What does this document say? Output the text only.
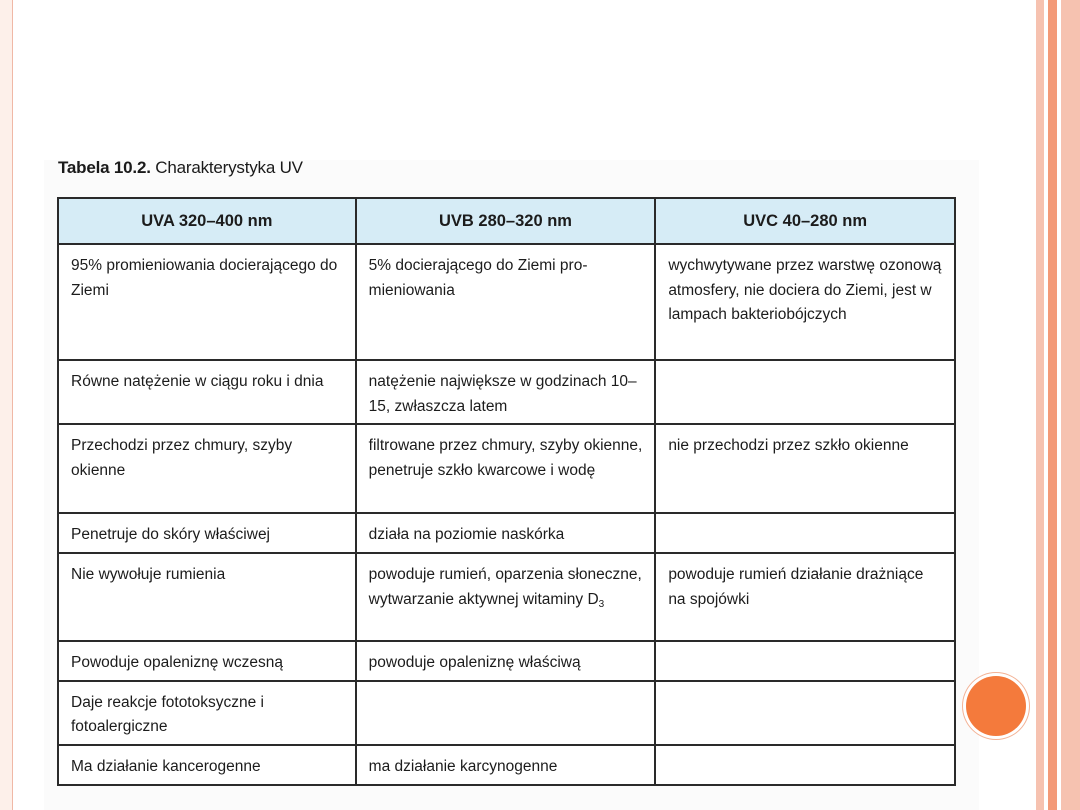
Tabela 10.2. Charakterystyka UV
UVA 320–400 nm	UVB 280–320 nm	UVC 40–280 nm
95% promieniowania docierającego do Ziemi	5% docierającego do Ziemi pro-mieniowania	wychwytywane przez warstwę ozonową atmosfery, nie dociera do Ziemi, jest w lampach bakteriobójczych
Równe natężenie w ciągu roku i dnia	natężenie największe w godzinach 10–15, zwłaszcza latem	
Przechodzi przez chmury, szyby okienne	filtrowane przez chmury, szyby okienne, penetruje szkło kwarcowe i wodę	nie przechodzi przez szkło okienne
Penetruje do skóry właściwej	działa na poziomie naskórka	
Nie wywołuje rumienia	powoduje rumień, oparzenia słoneczne, wytwarzanie aktywnej witaminy $D_3$	powoduje rumień działanie drażniące na spojówki
Powoduje opaleniznę wczesną	powoduje opaleniznę właściwą	
Daje reakcje fototoksyczne i fotoalergiczne		
Ma działanie kancerogenne	ma działanie karcynogenne	
